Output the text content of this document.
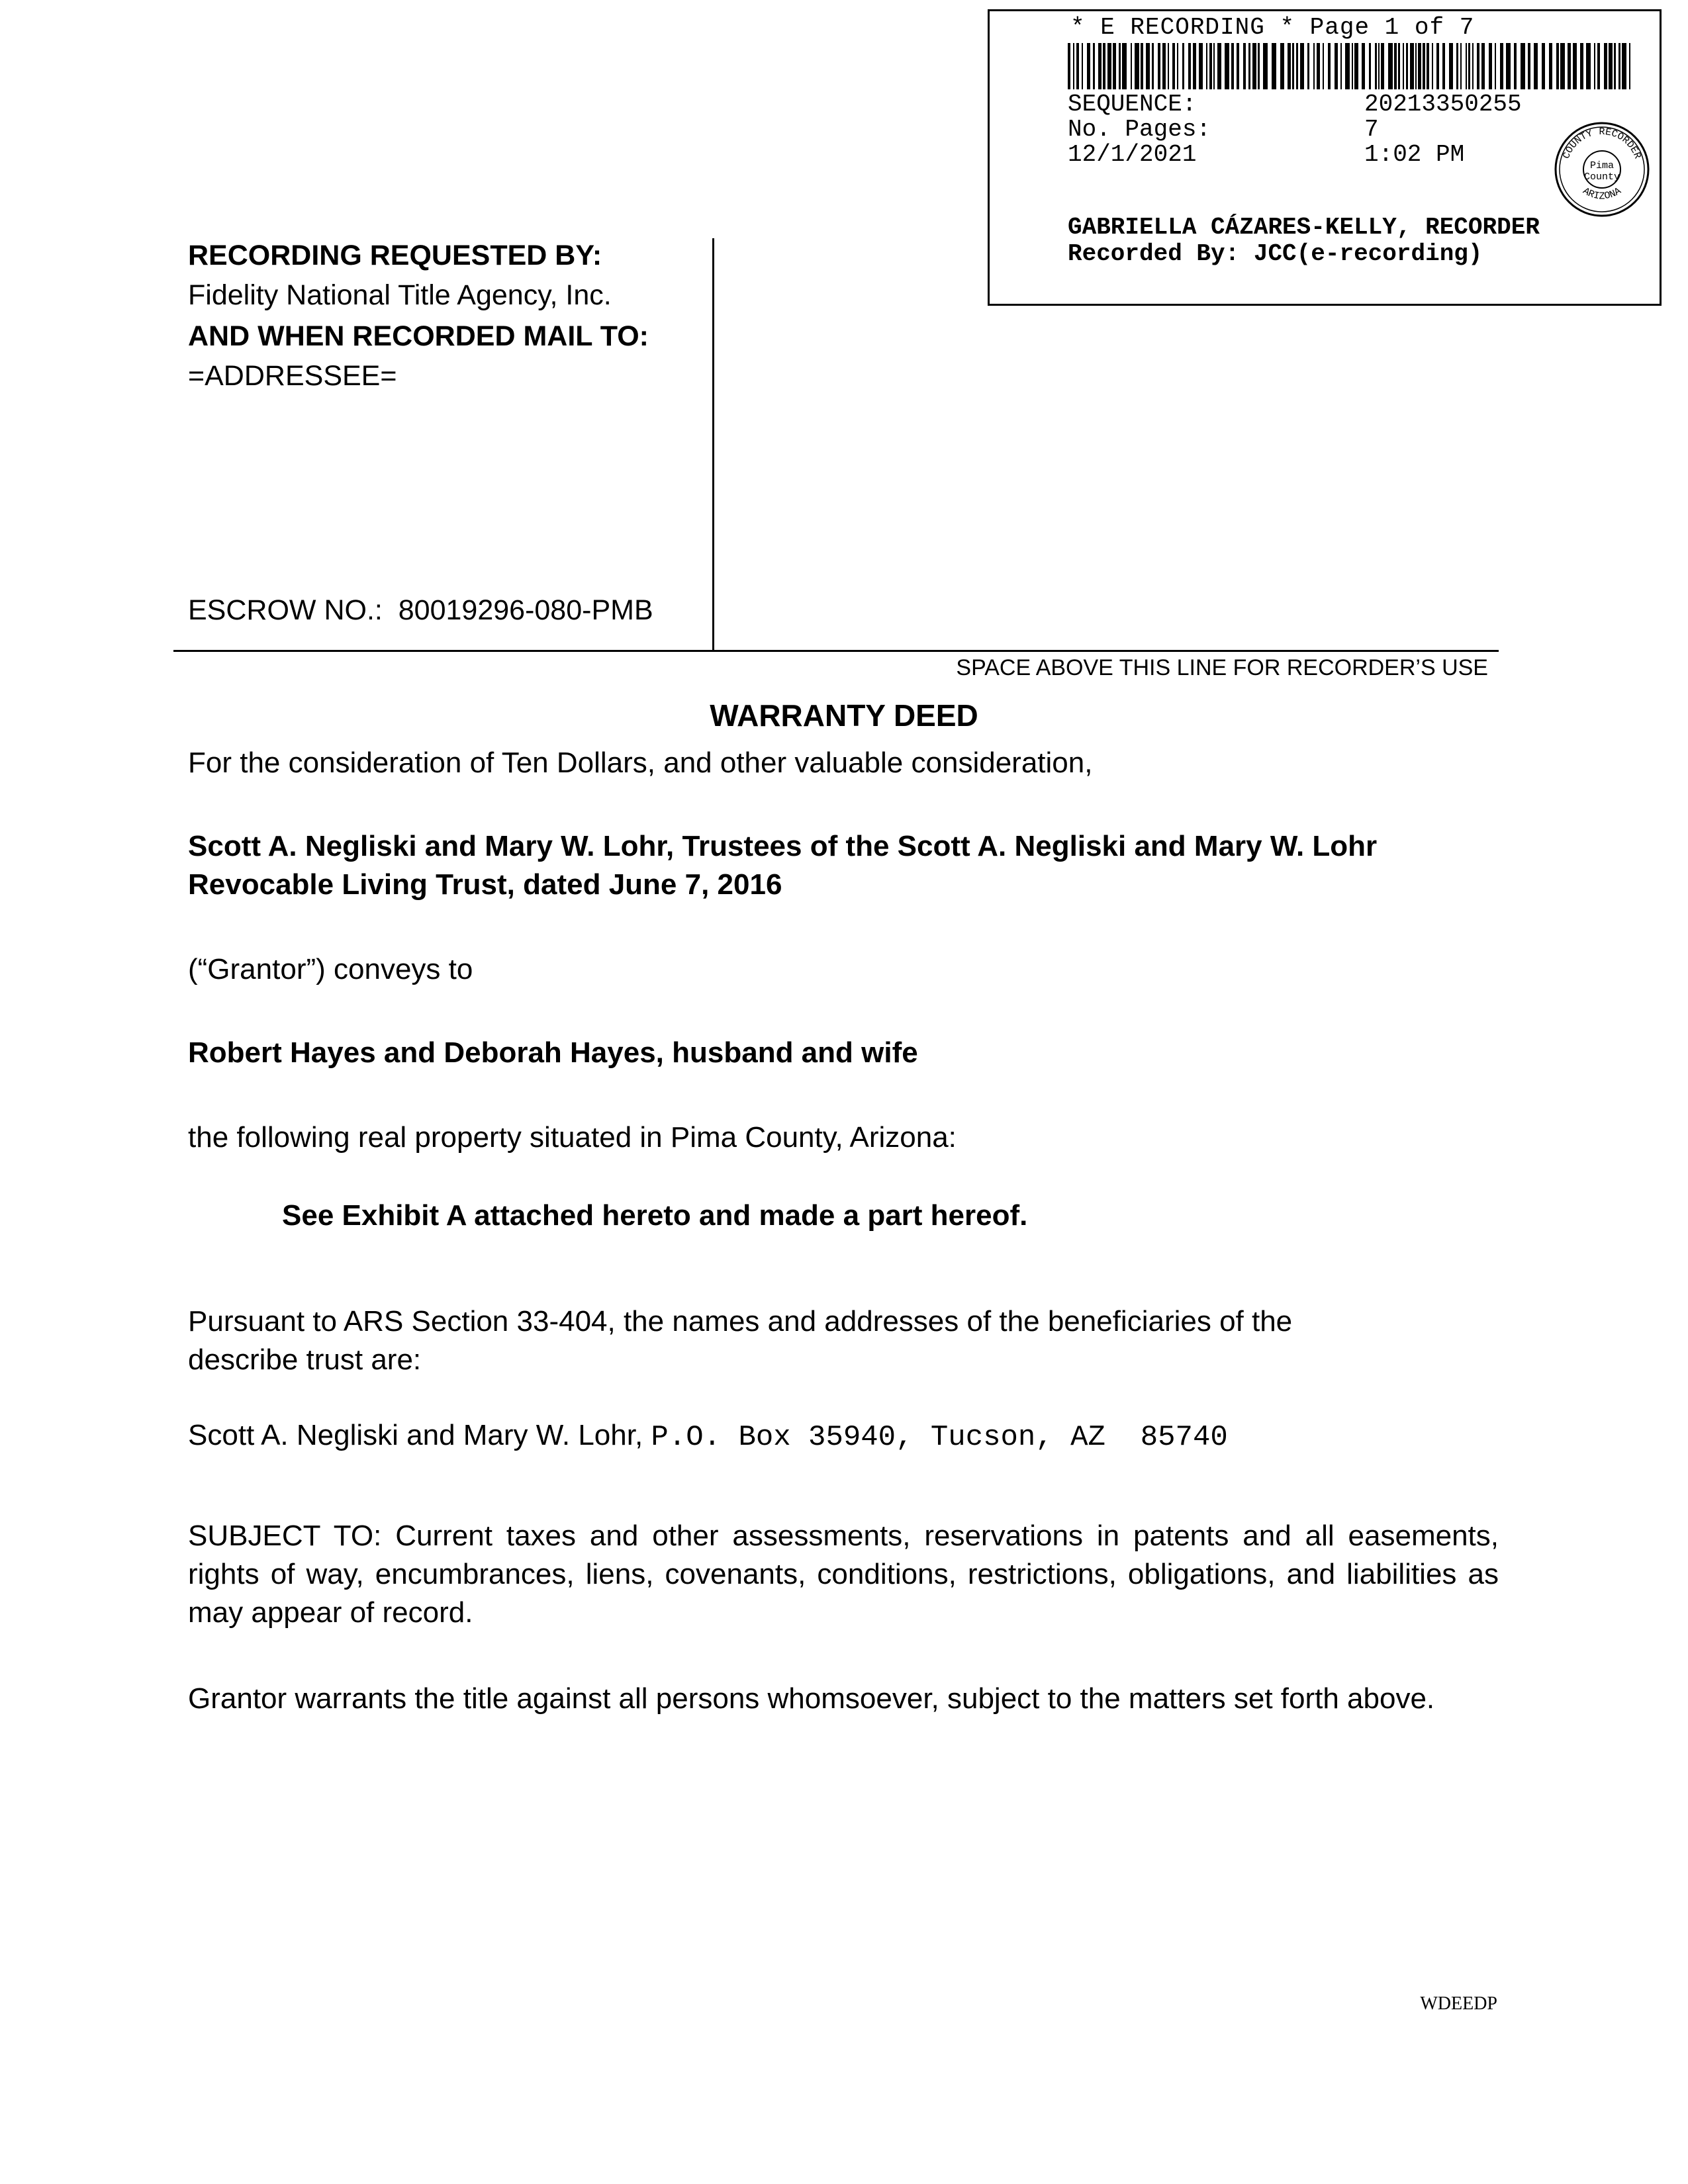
* E RECORDING * Page 1 of 7
SEQUENCE:	20213350255
No. Pages:	7
12/1/2021	1:02 PM	COUNTY RECORDER
ARIZONA
Pima
County
GABRIELLA CÁZARES-KELLY, RECORDER
Recorded By: JCC(e-recording)
RECORDING REQUESTED BY:
Fidelity National Title Agency, Inc.
AND WHEN RECORDED MAIL TO:
=ADDRESSEE=
ESCROW NO.: 80019296-080-PMB
SPACE ABOVE THIS LINE FOR RECORDER’S USE
WARRANTY DEED
For the consideration of Ten Dollars, and other valuable consideration,
Scott A. Negliski and Mary W. Lohr, Trustees of the Scott A. Negliski and Mary W. Lohr
Revocable Living Trust, dated June 7, 2016
(“Grantor”) conveys to
Robert Hayes and Deborah Hayes, husband and wife
the following real property situated in Pima County, Arizona:
See Exhibit A attached hereto and made a part hereof.
Pursuant to ARS Section 33-404, the names and addresses of the beneficiaries of the
describe trust are:
Scott A. Negliski and Mary W. Lohr, P.O. Box 35940, Tucson, AZ  85740
SUBJECT TO: Current taxes and other assessments, reservations in patents and all easements, rights of way, encumbrances, liens, covenants, conditions, restrictions, obligations, and liabilities as may appear of record.
Grantor warrants the title against all persons whomsoever, subject to the matters set forth above.
WDEEDP
